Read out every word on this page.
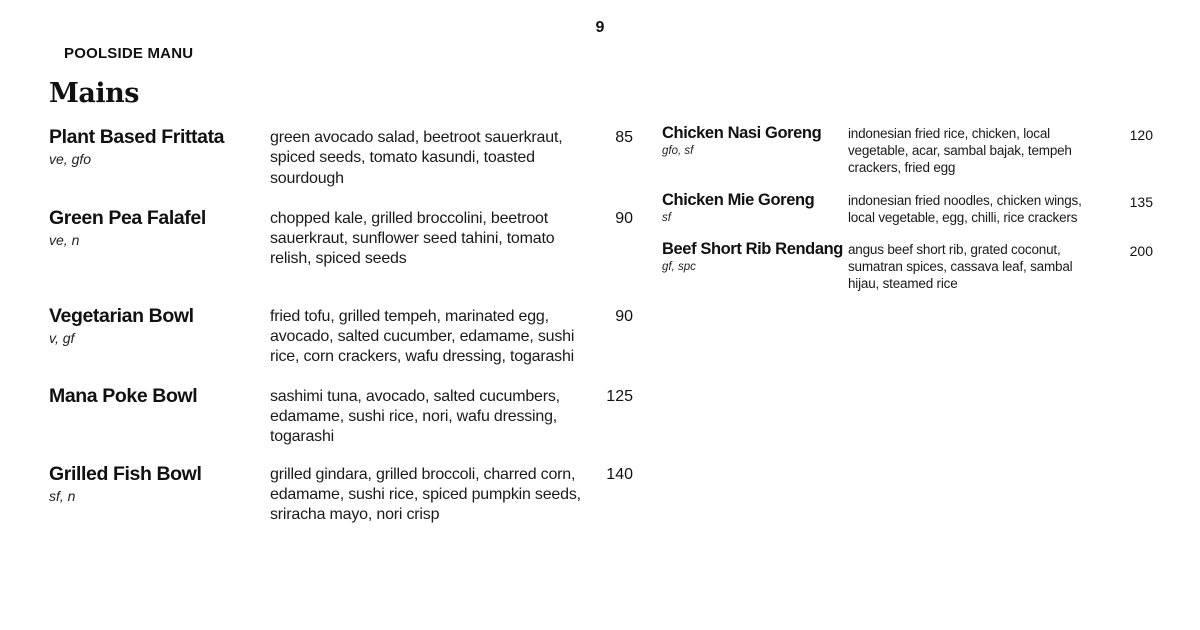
9
POOLSIDE MANU
Mains
Plant Based Frittata
ve, gfo
green avocado salad, beetroot sauerkraut, spiced seeds, tomato kasundi, toasted sourdough
85
Green Pea Falafel
ve, n
chopped kale, grilled broccolini, beetroot sauerkraut, sunflower seed tahini, tomato relish, spiced seeds
90
Vegetarian Bowl
v, gf
fried tofu, grilled tempeh, marinated egg, avocado, salted cucumber, edamame, sushi rice, corn crackers, wafu dressing, togarashi
90
Mana Poke Bowl	sashimi tuna, avocado, salted cucumbers, edamame, sushi rice, nori, wafu dressing, togarashi
125
Grilled Fish Bowl
sf, n
grilled gindara, grilled broccoli, charred corn, edamame, sushi rice, spiced pumpkin seeds, sriracha mayo, nori crisp
140
Chicken Nasi Goreng
gfo, sf
indonesian fried rice, chicken, local vegetable, acar, sambal bajak, tempeh crackers, fried egg
120
Chicken Mie Goreng
sf
indonesian fried noodles, chicken wings, local vegetable, egg, chilli, rice crackers
135
Beef Short Rib Rendang
gf, spc
angus beef short rib, grated coconut, sumatran spices, cassava leaf, sambal hijau, steamed rice
200
